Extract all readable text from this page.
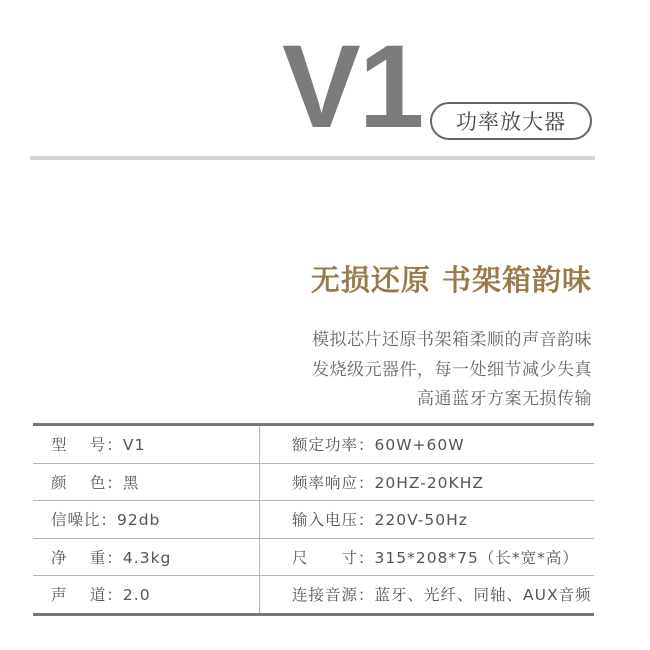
V1	功率放大器
无损还原 书架箱韵味
模拟芯片还原书架箱柔顺的声音韵味
发烧级元器件，每一处细节减少失真
高通蓝牙方案无损传输
型　 号：V1	额定功率：60W+60W
颜　 色：黑	频率响应：20HZ-20KHZ
信噪比：92db	输入电压：220V-50Hz
净　 重：4.3kg	尺　　寸：315*208*75（长*宽*高）
声　 道：2.0	连接音源：蓝牙、光纤、同轴、AUX音频
